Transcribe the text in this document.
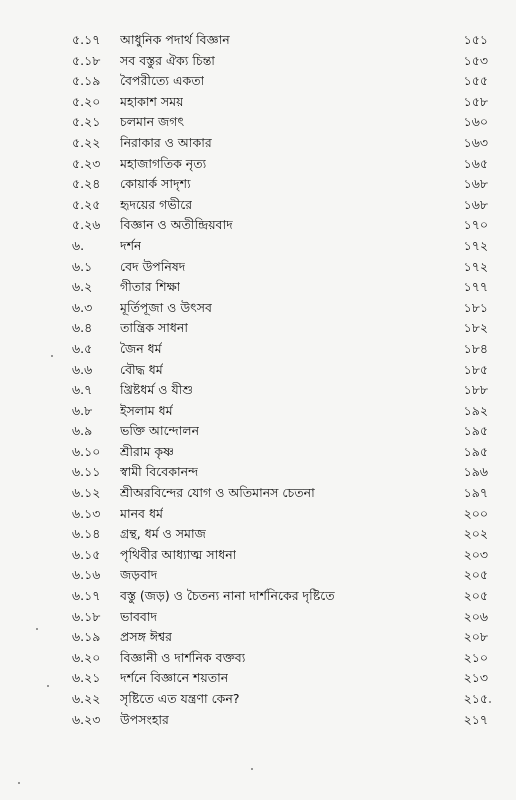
৫.১৭	আধুনিক পদার্থ বিজ্ঞান	১৫১
৫.১৮	সব বস্তুর ঐক্য চিন্তা	১৫৩
৫.১৯	বৈপরীত্যে একতা	১৫৫
৫.২০	মহাকাশ সময়	১৫৮
৫.২১	চলমান জগৎ	১৬০
৫.২২	নিরাকার ও আকার	১৬৩
৫.২৩	মহাজাগতিক নৃত্য	১৬৫
৫.২৪	কোয়ার্ক সাদৃশ্য	১৬৮
৫.২৫	হৃদয়ের গভীরে	১৬৮
৫.২৬	বিজ্ঞান ও অতীন্দ্রিয়বাদ	১৭০
৬.	দর্শন	১৭২
৬.১	বেদ উপনিষদ	১৭২
৬.২	গীতার শিক্ষা	১৭৭
৬.৩	মূর্তিপূজা ও উৎসব	১৮১
৬.৪	তান্ত্রিক সাধনা	১৮২
৬.৫	জৈন ধর্ম	১৮৪
৬.৬	বৌদ্ধ ধর্ম	১৮৫
৬.৭	খ্রিষ্টধর্ম ও যীশু	১৮৮
৬.৮	ইসলাম ধর্ম	১৯২
৬.৯	ভক্তি আন্দোলন	১৯৫
৬.১০	শ্রীরাম কৃষ্ণ	১৯৫
৬.১১	স্বামী বিবেকানন্দ	১৯৬
৬.১২	শ্রীঅরবিন্দের যোগ ও অতিমানস চেতনা	১৯৭
৬.১৩	মানব ধর্ম	২০০
৬.১৪	গ্রন্থ, ধর্ম ও সমাজ	২০২
৬.১৫	পৃথিবীর আধ্যাত্ম সাধনা	২০৩
৬.১৬	জড়বাদ	২০৫
৬.১৭	বস্তু (জড়) ও চৈতন্য নানা দার্শনিকের দৃষ্টিতে	২০৫
৬.১৮	ভাববাদ	২০৬
৬.১৯	প্রসঙ্গ ঈশ্বর	২০৮
৬.২০	বিজ্ঞানী ও দার্শনিক বক্তব্য	২১০
৬.২১	দর্শনে বিজ্ঞানে শয়তান	২১৩
৬.২২	সৃষ্টিতে এত যন্ত্রণা কেন?	২১৫
৬.২৩	উপসংহার	২১৭
